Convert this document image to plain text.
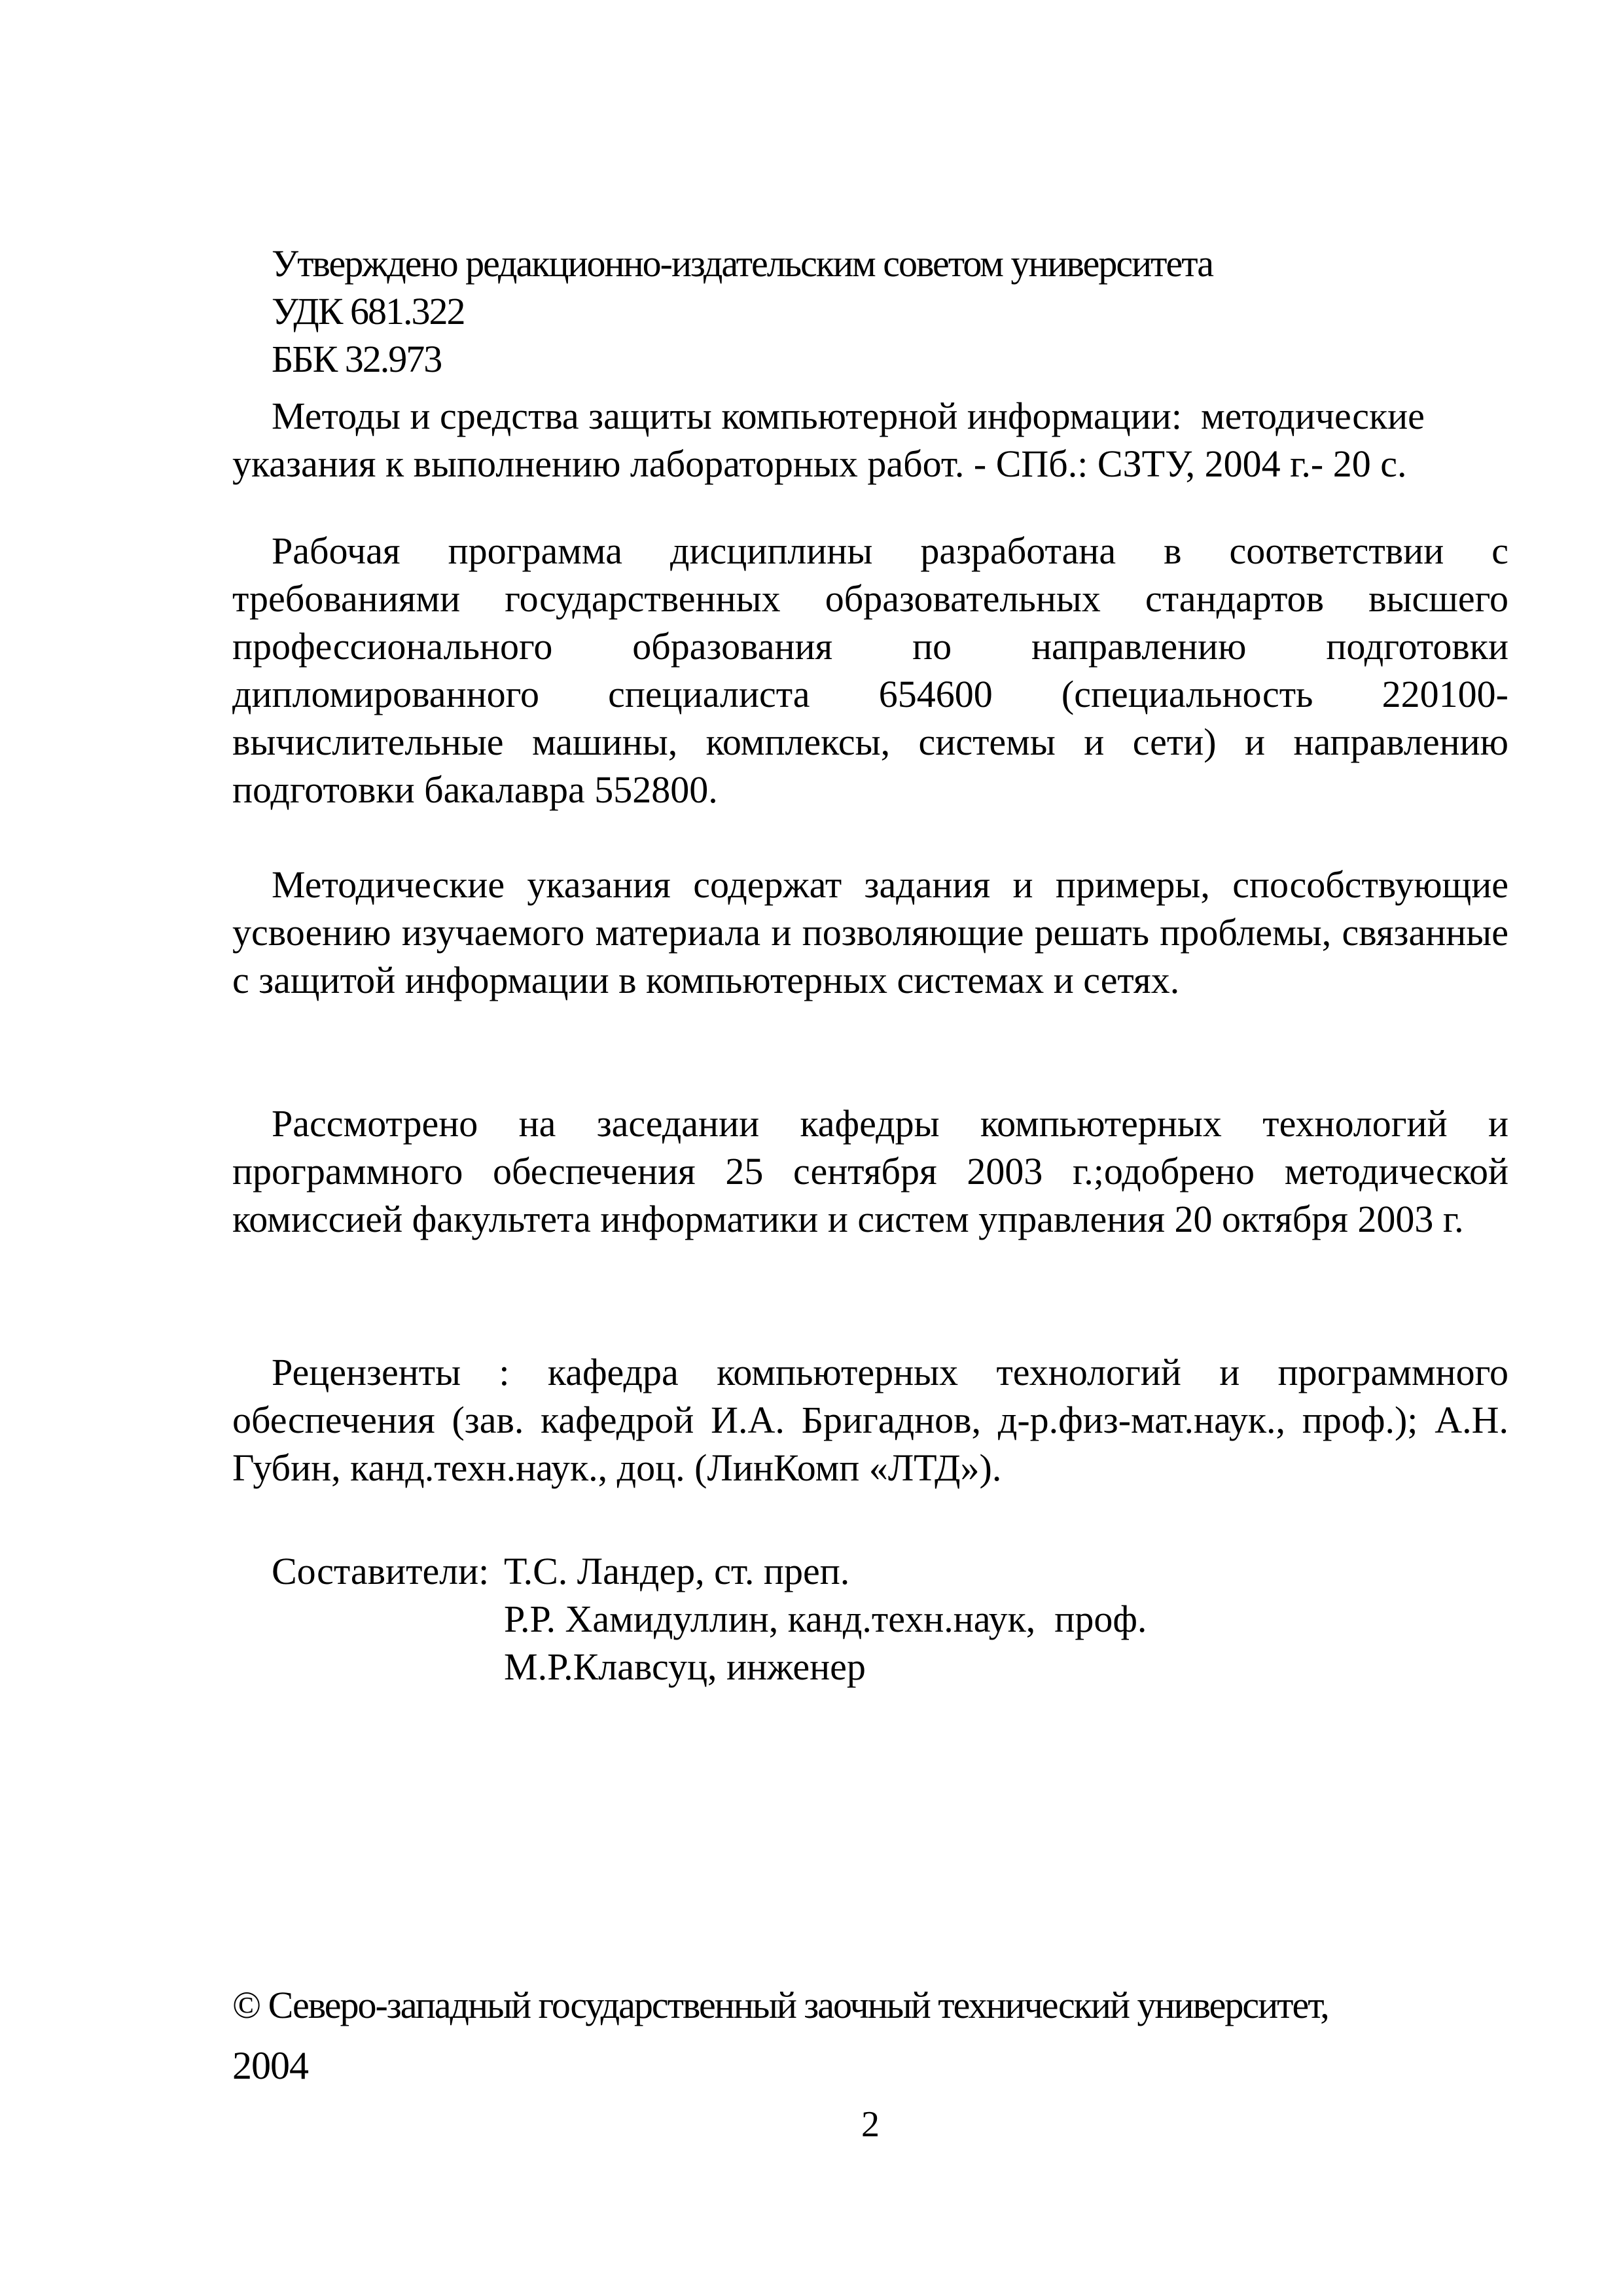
Утверждено редакционно-издательским советом университета
УДК 681.322
ББК 32.973
Методы и средства защиты компьютерной информации:  методические
указания к выполнению лабораторных работ. - СПб.: СЗТУ, 2004 г.- 20 с.
Рабочая программа дисциплины разработана в соответствии с требованиями государственных образовательных стандартов высшего профессионального образования по направлению подготовки дипломированного специалиста 654600 (специальность 220100- вычислительные машины, комплексы, системы и сети) и направлению подготовки бакалавра 552800.
Методические указания содержат задания и примеры, способствующие усвоению изучаемого материала и позволяющие решать проблемы, связанные с защитой информации в компьютерных системах и сетях.
Рассмотрено на заседании кафедры компьютерных технологий и программного обеспечения 25 сентября 2003 г.;одобрено методической комиссией факультета информатики и систем управления 20 октября 2003 г.
Рецензенты : кафедра компьютерных технологий и программного обеспечения (зав. кафедрой И.А. Бригаднов, д-р.физ-мат.наук., проф.); А.Н. Губин, канд.техн.наук., доц. (ЛинКомп «ЛТД»).
Составители: Т.С. Ландер, ст. преп.
Р.Р. Хамидуллин, канд.техн.наук,  проф.
М.Р.Клавсуц, инженер
© Северо-западный государственный заочный технический университет,
2004
2
